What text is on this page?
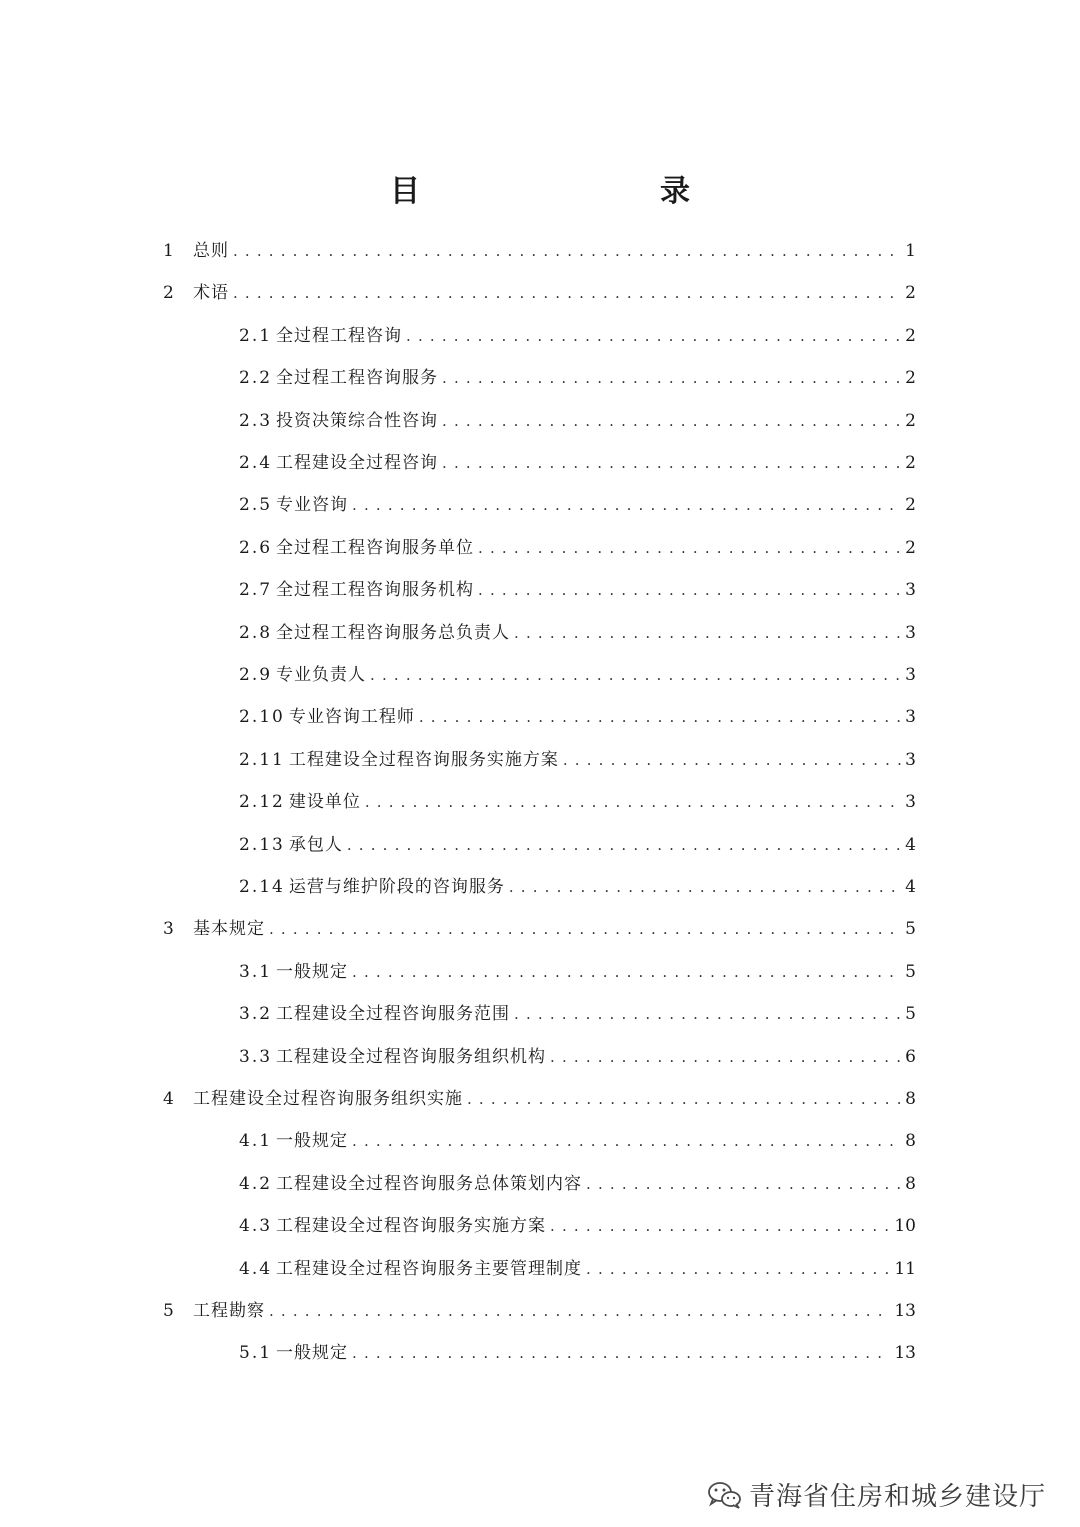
目　　录
1	总则 . . .	1
2	术语 . . .	2
2.1 全过程工程咨询 . . .	2
2.2 全过程工程咨询服务 . . .	2
2.3 投资决策综合性咨询 . . .	2
2.4 工程建设全过程咨询 . . .	2
2.5 专业咨询 . . .	2
2.6 全过程工程咨询服务单位 . . .	2
2.7 全过程工程咨询服务机构 . . .	3
2.8 全过程工程咨询服务总负责人 . . .	3
2.9 专业负责人 . . .	3
2.10 专业咨询工程师 . . .	3
2.11 工程建设全过程咨询服务实施方案 . . .	3
2.12 建设单位 . . .	3
2.13 承包人 . . .	4
2.14 运营与维护阶段的咨询服务 . . .	4
3	基本规定 . . .	5
3.1 一般规定 . . .	5
3.2 工程建设全过程咨询服务范围 . . .	5
3.3 工程建设全过程咨询服务组织机构 . . .	6
4	工程建设全过程咨询服务组织实施 . . .	8
4.1 一般规定 . . .	8
4.2 工程建设全过程咨询服务总体策划内容 . . .	8
4.3 工程建设全过程咨询服务实施方案 . . .	10
4.4 工程建设全过程咨询服务主要管理制度 . . .	11
5	工程勘察 . . .	13
5.1 一般规定 . . .	13
青海省住房和城乡建设厅
